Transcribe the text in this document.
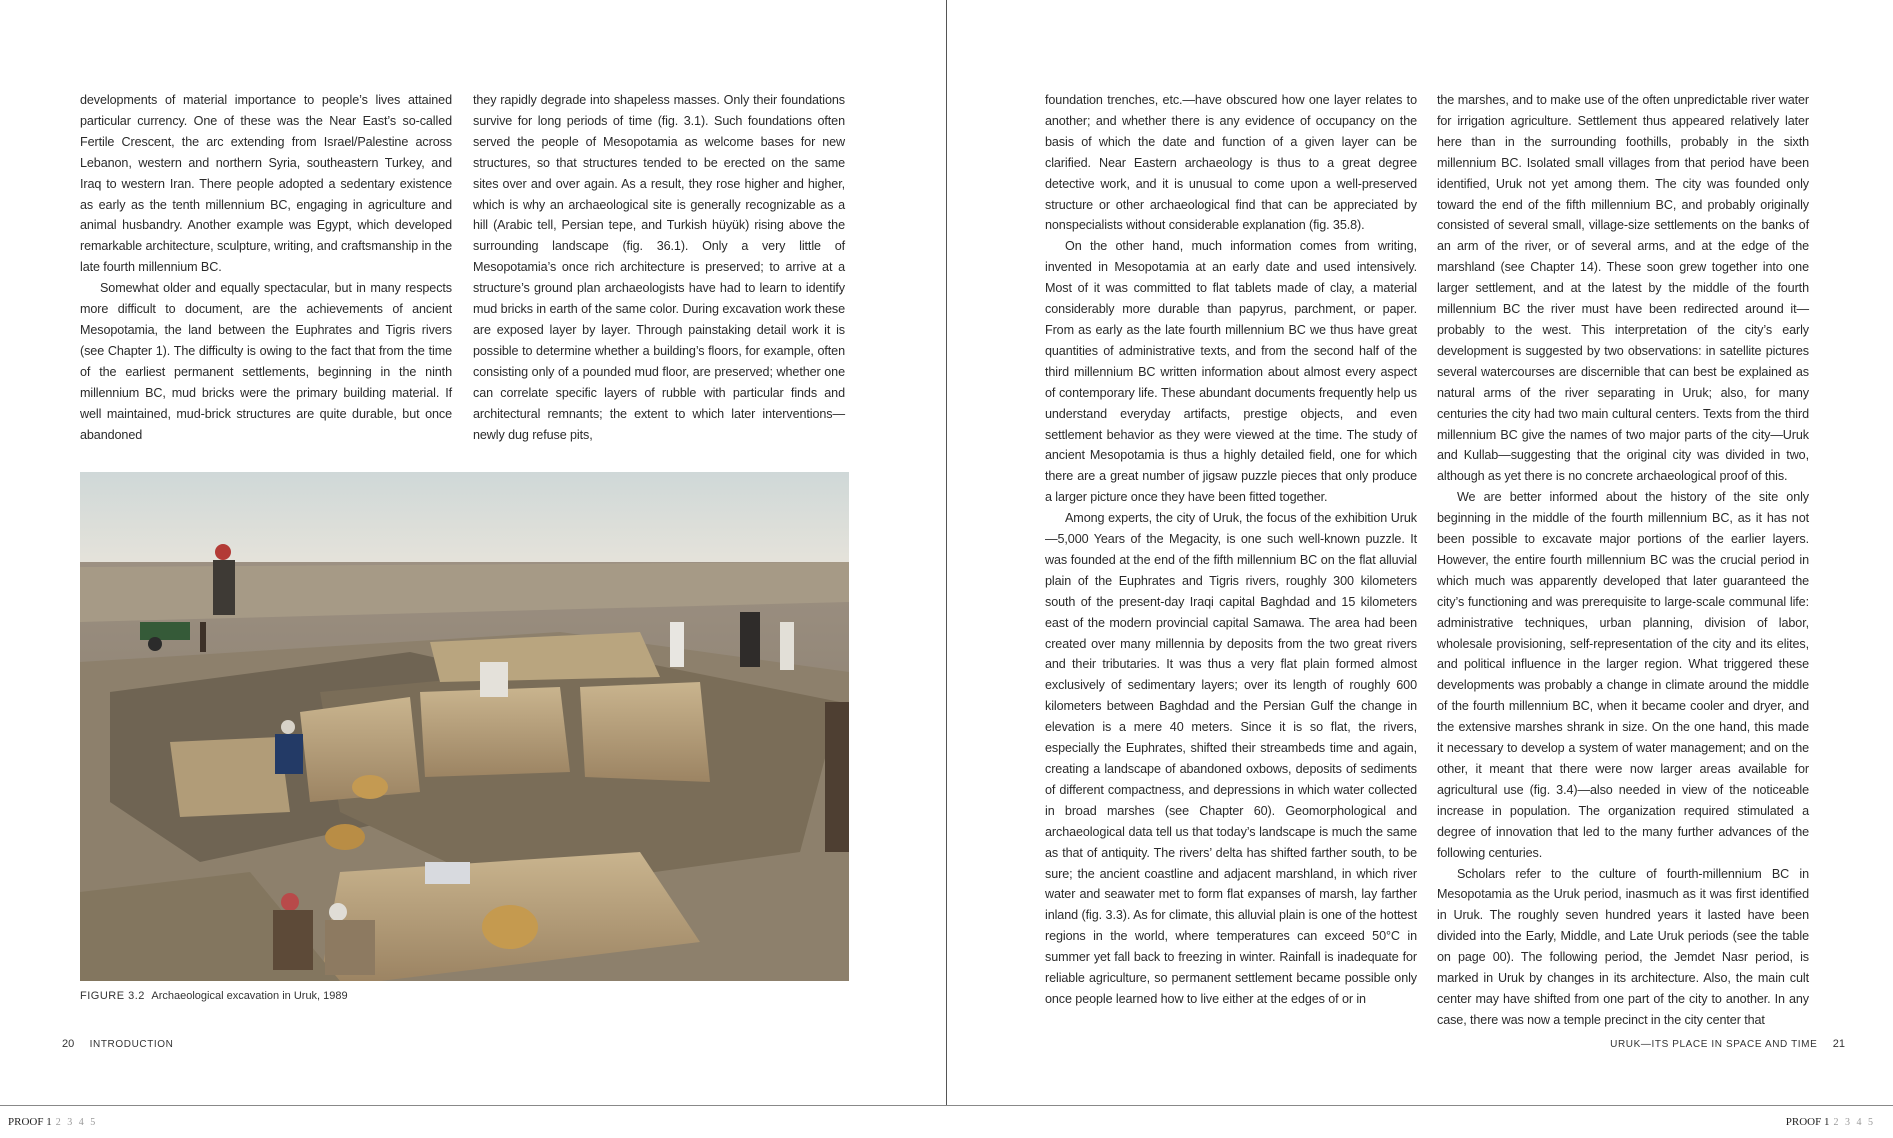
developments of material importance to people’s lives attained particular currency. One of these was the Near East’s so-called Fertile Crescent, the arc extending from Israel/Palestine across Lebanon, western and northern Syria, southeastern Turkey, and Iraq to western Iran. There people adopted a sedentary existence as early as the tenth millennium BC, engaging in agriculture and animal husbandry. Another example was Egypt, which developed remarkable architecture, sculpture, writing, and craftsmanship in the late fourth millennium BC.

Somewhat older and equally spectacular, but in many respects more difficult to document, are the achievements of ancient Mesopotamia, the land between the Euphrates and Tigris rivers (see Chapter 1). The difficulty is owing to the fact that from the time of the earliest permanent settlements, beginning in the ninth millennium BC, mud bricks were the primary building material. If well maintained, mud-brick structures are quite durable, but once abandoned

they rapidly degrade into shapeless masses. Only their foundations survive for long periods of time (fig. 3.1). Such foundations often served the people of Mesopotamia as welcome bases for new structures, so that structures tended to be erected on the same sites over and over again. As a result, they rose higher and higher, which is why an archaeological site is generally recognizable as a hill (Arabic tell, Persian tepe, and Turkish hüyük) rising above the surrounding landscape (fig. 36.1). Only a very little of Mesopotamia’s once rich architecture is preserved; to arrive at a structure’s ground plan archaeologists have had to learn to identify mud bricks in earth of the same color. During excavation work these are exposed layer by layer. Through painstaking detail work it is possible to determine whether a building’s floors, for example, often consisting only of a pounded mud floor, are preserved; whether one can correlate specific layers of rubble with particular finds and architectural remnants; the extent to which later interventions—newly dug refuse pits,

FIGURE 3.2 Archaeological excavation in Uruk, 1989
20 INTRODUCTION

foundation trenches, etc.—have obscured how one layer relates to another; and whether there is any evidence of occupancy on the basis of which the date and function of a given layer can be clarified. Near Eastern archaeology is thus to a great degree detective work, and it is unusual to come upon a well-preserved structure or other archaeological find that can be appreciated by nonspecialists without considerable explanation (fig. 35.8).

On the other hand, much information comes from writing, invented in Mesopotamia at an early date and used intensively. Most of it was committed to flat tablets made of clay, a material considerably more durable than papyrus, parchment, or paper. From as early as the late fourth millennium BC we thus have great quantities of administrative texts, and from the second half of the third millennium BC written information about almost every aspect of contemporary life. These abundant documents frequently help us understand everyday artifacts, prestige objects, and even settlement behavior as they were viewed at the time. The study of ancient Mesopotamia is thus a highly detailed field, one for which there are a great number of jigsaw puzzle pieces that only produce a larger picture once they have been fitted together.

Among experts, the city of Uruk, the focus of the exhibition Uruk—5,000 Years of the Megacity, is one such well-known puzzle. It was founded at the end of the fifth millennium BC on the flat alluvial plain of the Euphrates and Tigris rivers, roughly 300 kilometers south of the present-day Iraqi capital Baghdad and 15 kilometers east of the modern provincial capital Samawa. The area had been created over many millennia by deposits from the two great rivers and their tributaries. It was thus a very flat plain formed almost exclusively of sedimentary layers; over its length of roughly 600 kilometers between Baghdad and the Persian Gulf the change in elevation is a mere 40 meters. Since it is so flat, the rivers, especially the Euphrates, shifted their streambeds time and again, creating a landscape of abandoned oxbows, deposits of sediments of different compactness, and depressions in which water collected in broad marshes (see Chapter 60). Geomorphological and archaeological data tell us that today’s landscape is much the same as that of antiquity. The rivers’ delta has shifted farther south, to be sure; the ancient coastline and adjacent marshland, in which river water and seawater met to form flat expanses of marsh, lay farther inland (fig. 3.3). As for climate, this alluvial plain is one of the hottest regions in the world, where temperatures can exceed 50°C in summer yet fall back to freezing in winter. Rainfall is inadequate for reliable agriculture, so permanent settlement became possible only once people learned how to live either at the edges of or in

the marshes, and to make use of the often unpredictable river water for irrigation agriculture. Settlement thus appeared relatively later here than in the surrounding foothills, probably in the sixth millennium BC. Isolated small villages from that period have been identified, Uruk not yet among them. The city was founded only toward the end of the fifth millennium BC, and probably originally consisted of several small, village-size settlements on the banks of an arm of the river, or of several arms, and at the edge of the marshland (see Chapter 14). These soon grew together into one larger settlement, and at the latest by the middle of the fourth millennium BC the river must have been redirected around it—probably to the west. This interpretation of the city’s early development is suggested by two observations: in satellite pictures several watercourses are discernible that can best be explained as natural arms of the river separating in Uruk; also, for many centuries the city had two main cultural centers. Texts from the third millennium BC give the names of two major parts of the city—Uruk and Kullab—suggesting that the original city was divided in two, although as yet there is no concrete archaeological proof of this.

We are better informed about the history of the site only beginning in the middle of the fourth millennium BC, as it has not been possible to excavate major portions of the earlier layers. However, the entire fourth millennium BC was the crucial period in which much was apparently developed that later guaranteed the city’s functioning and was prerequisite to large-scale communal life: administrative techniques, urban planning, division of labor, wholesale provisioning, self-representation of the city and its elites, and political influence in the larger region. What triggered these developments was probably a change in climate around the middle of the fourth millennium BC, when it became cooler and dryer, and the extensive marshes shrank in size. On the one hand, this made it necessary to develop a system of water management; and on the other, it meant that there were now larger areas available for agricultural use (fig. 3.4)—also needed in view of the noticeable increase in population. The organization required stimulated a degree of innovation that led to the many further advances of the following centuries.

Scholars refer to the culture of fourth-millennium BC in Mesopotamia as the Uruk period, inasmuch as it was first identified in Uruk. The roughly seven hundred years it lasted have been divided into the Early, Middle, and Late Uruk periods (see the table on page 00). The following period, the Jemdet Nasr period, is marked in Uruk by changes in its architecture. Also, the main cult center may have shifted from one part of the city to another. In any case, there was now a temple precinct in the city center that

URUK—ITS PLACE IN SPACE AND TIME 21
PROOF 1 2 3 4 5	PROOF 1 2 3 4 5
